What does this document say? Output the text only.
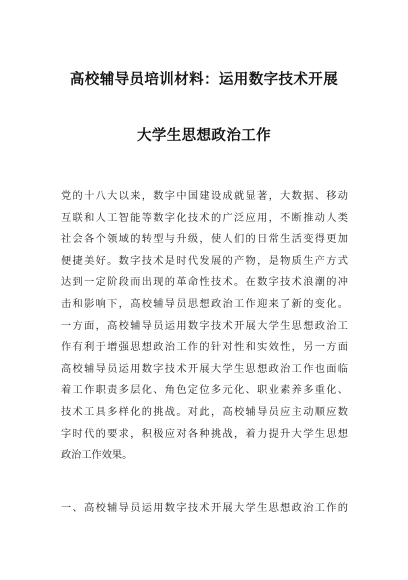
高校辅导员培训材料：运用数字技术开展
大学生思想政治工作
党的十八大以来，数字中国建设成就显著，大数据、移动
互联和人工智能等数字化技术的广泛应用，不断推动人类
社会各个领域的转型与升级，使人们的日常生活变得更加
便捷美好。数字技术是时代发展的产物，是物质生产方式
达到一定阶段而出现的革命性技术。在数字技术浪潮的冲
击和影响下，高校辅导员思想政治工作迎来了新的变化。
一方面，高校辅导员运用数字技术开展大学生思想政治工
作有利于增强思想政治工作的针对性和实效性，另一方面
高校辅导员运用数字技术开展大学生思想政治工作也面临
着工作职责多层化、角色定位多元化、职业素养多重化、
技术工具多样化的挑战。对此，高校辅导员应主动顺应数
字时代的要求，积极应对各种挑战，着力提升大学生思想
政治工作效果。
一、高校辅导员运用数字技术开展大学生思想政治工作的
